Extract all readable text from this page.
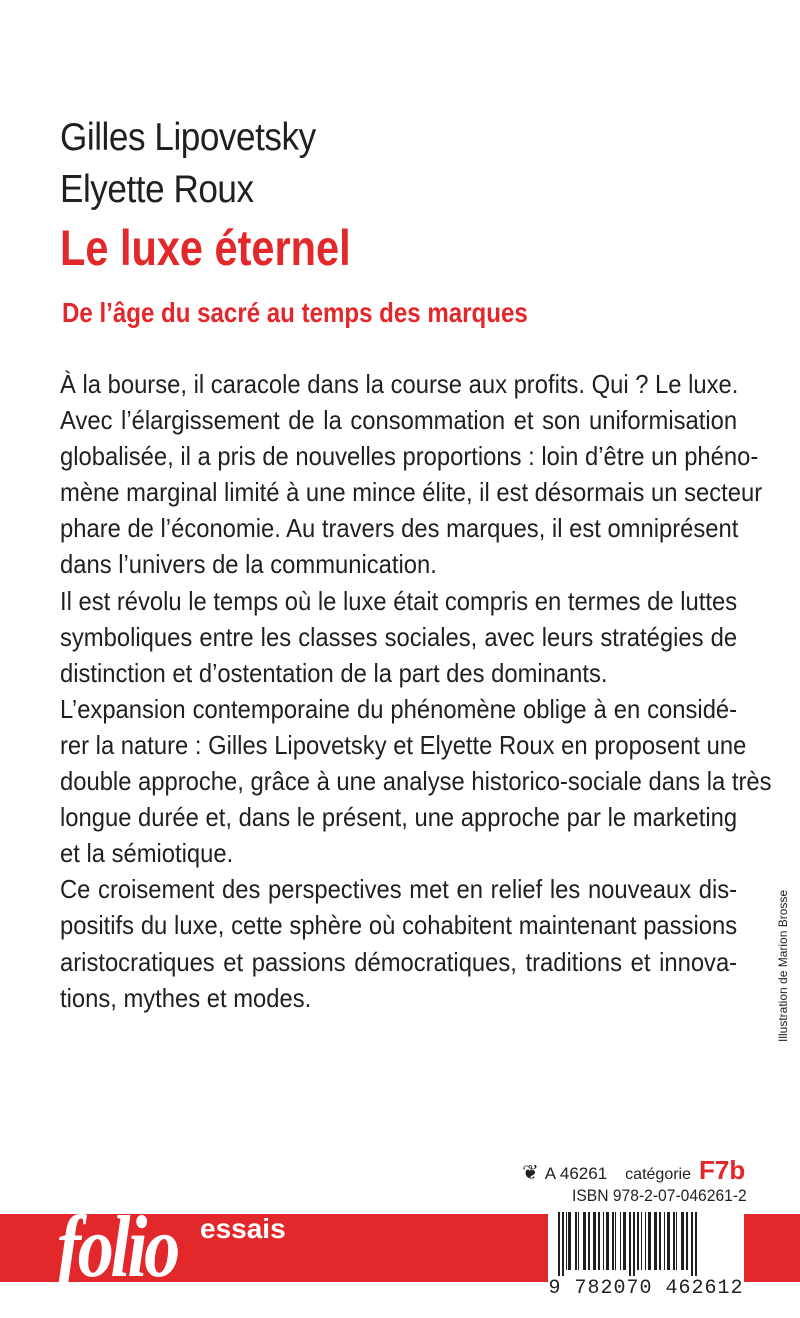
Gilles Lipovetsky
Elyette Roux
Le luxe éternel
De l’âge du sacré au temps des marques

À la bourse, il caracole dans la course aux profits. Qui ? Le luxe.
Avec l’élargissement de la consommation et son uniformisation
globalisée, il a pris de nouvelles proportions : loin d’être un phéno-
mène marginal limité à une mince élite, il est désormais un secteur
phare de l’économie. Au travers des marques, il est omniprésent
dans l’univers de la communication.

Il est révolu le temps où le luxe était compris en termes de luttes
symboliques entre les classes sociales, avec leurs stratégies de
distinction et d’ostentation de la part des dominants.

L’expansion contemporaine du phénomène oblige à en considé-
rer la nature : Gilles Lipovetsky et Elyette Roux en proposent une
double approche, grâce à une analyse historico-sociale dans la très
longue durée et, dans le présent, une approche par le marketing
et la sémiotique.

Ce croisement des perspectives met en relief les nouveaux dis-
positifs du luxe, cette sphère où cohabitent maintenant passions
aristocratiques et passions démocratiques, traditions et innova-
tions, mythes et modes.	Illustration de Marion Brosse
❦ A 46261 catégorie F7b
ISBN 978-2-07-046261-2
folio essais
9 782070 462612
